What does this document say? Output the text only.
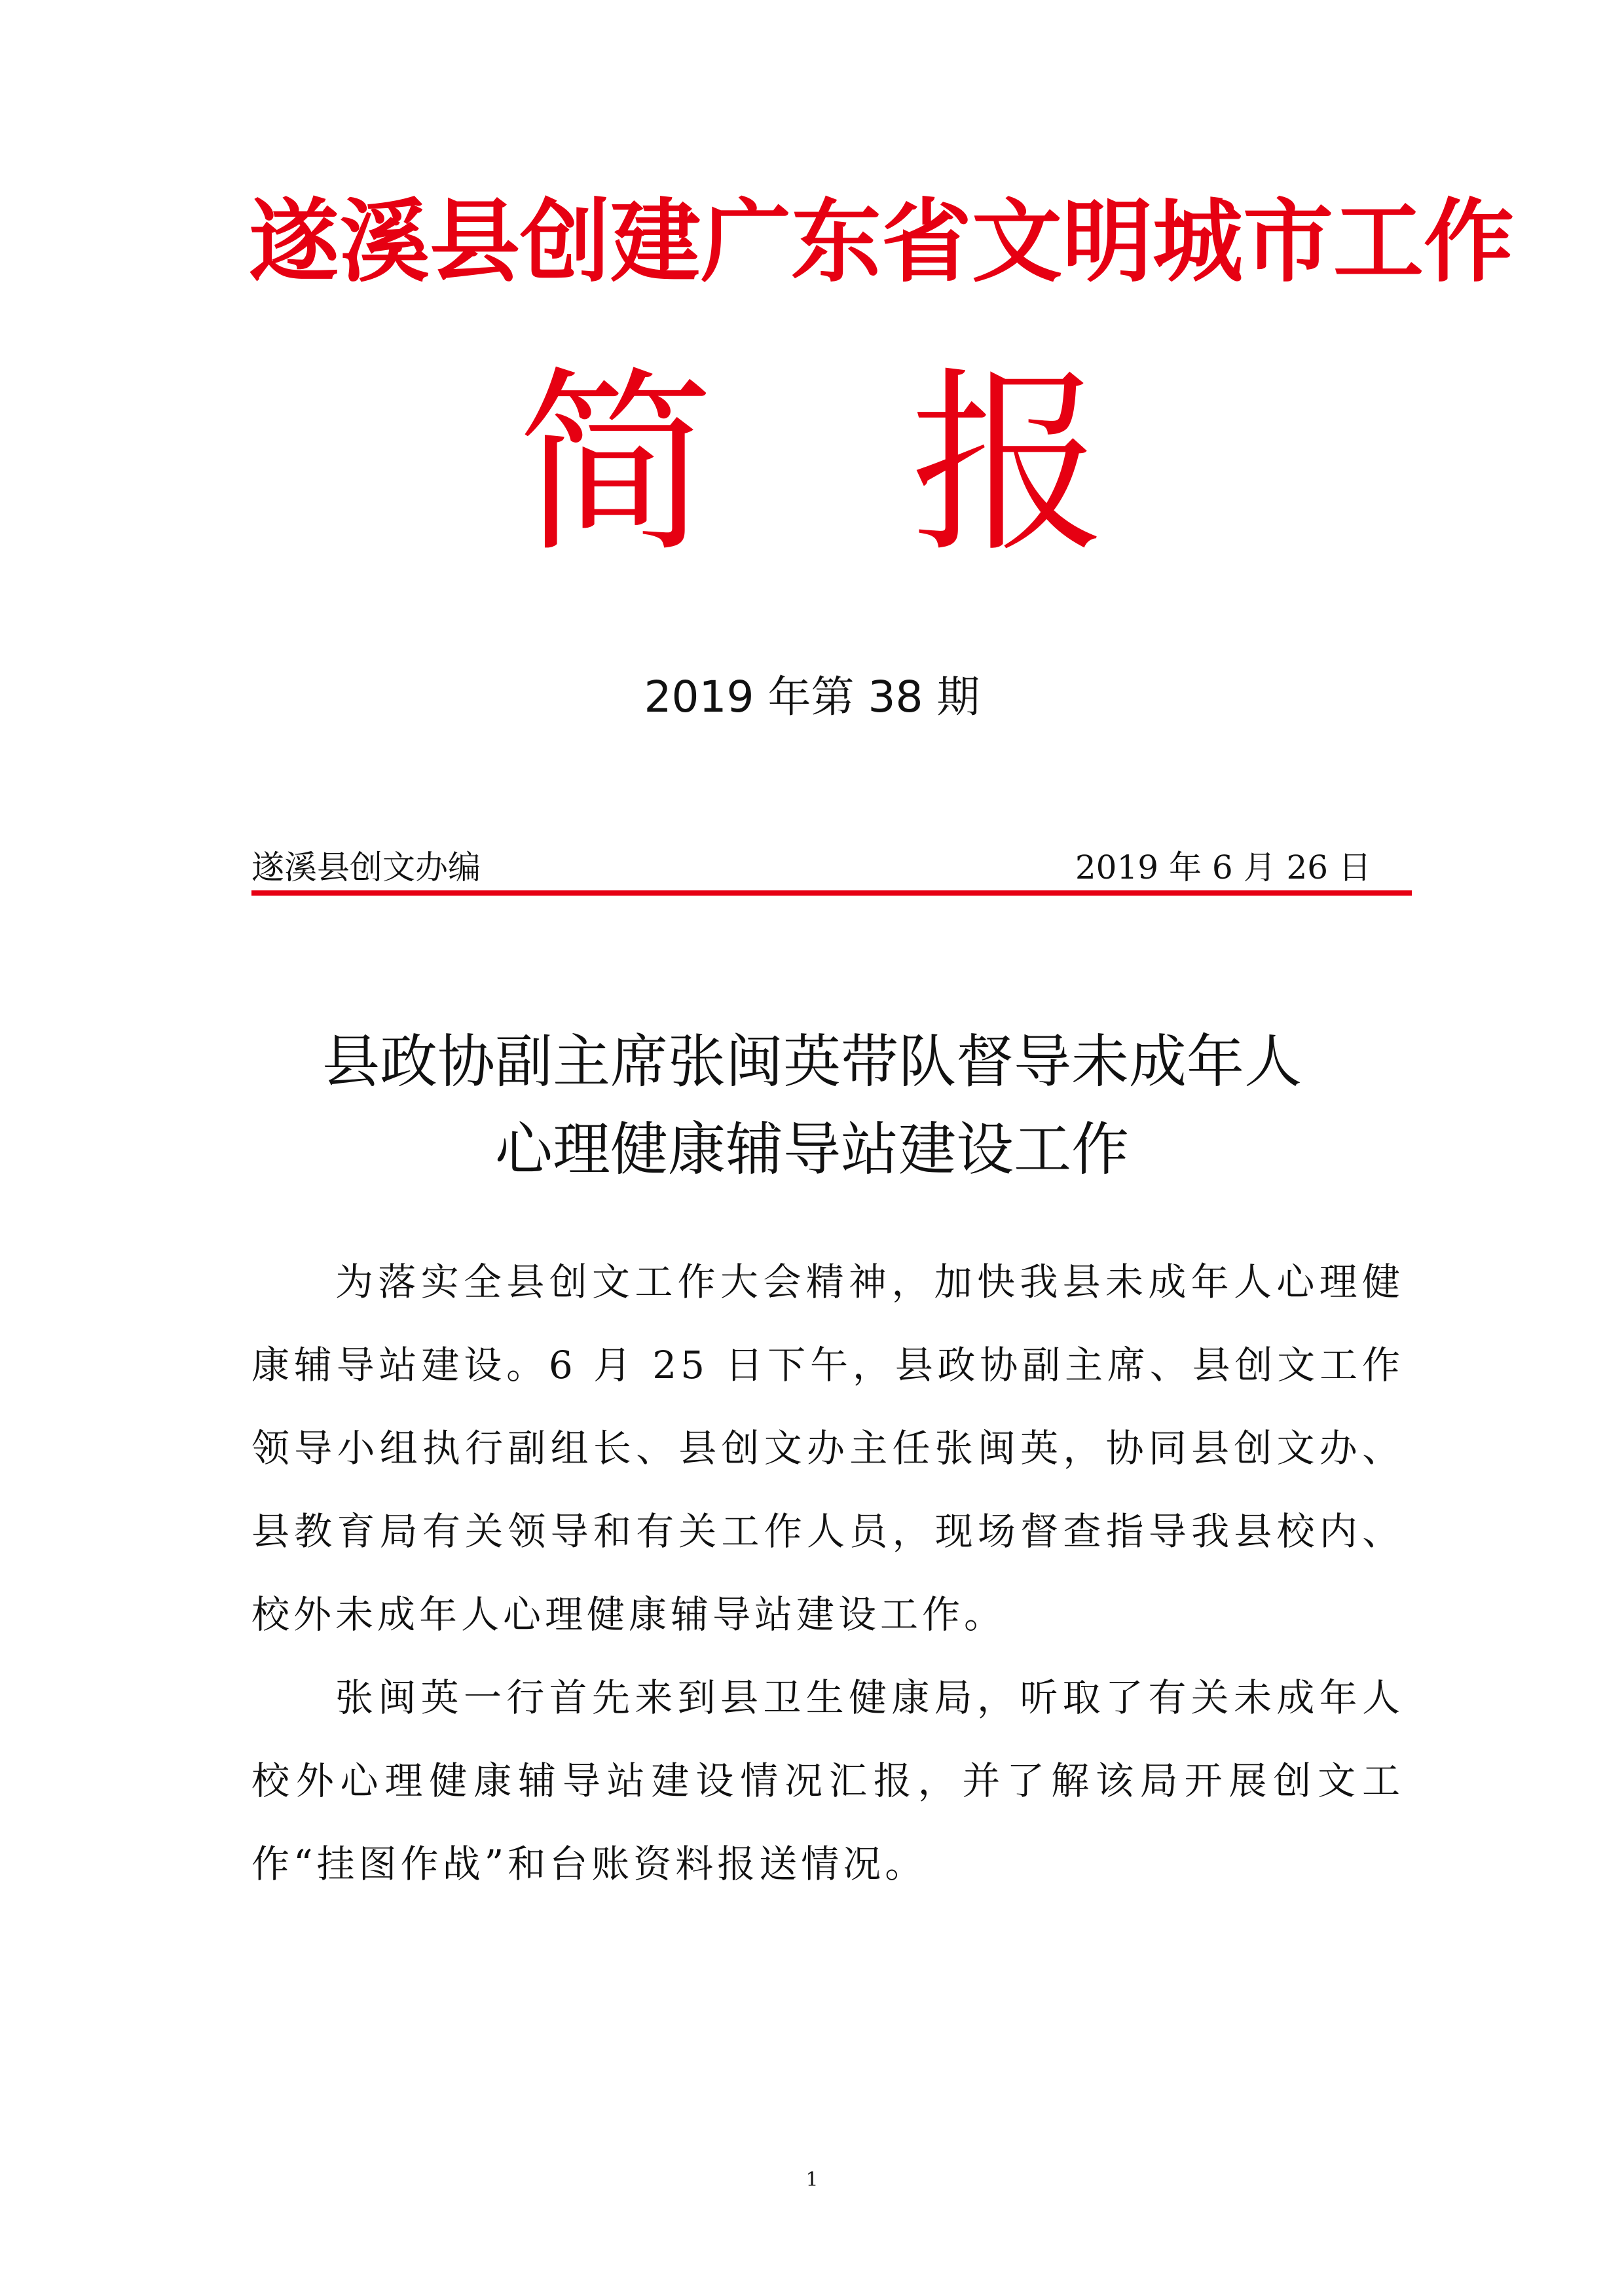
遂溪县创建广东省文明城市工作
简 报
2019 年第 38 期
遂溪县创文办编	2019 年 6 月 26 日
县政协副主席张闽英带队督导未成年人
心理健康辅导站建设工作

为落实全县创文工作大会精神，加快我县未成年人心理健康辅导站建设。6 月 25 日下午，县政协副主席、县创文工作领导小组执行副组长、县创文办主任张闽英，协同县创文办、县教育局有关领导和有关工作人员，现场督查指导我县校内、校外未成年人心理健康辅导站建设工作。

张闽英一行首先来到县卫生健康局，听取了有关未成年人校外心理健康辅导站建设情况汇报，并了解该局开展创文工作“挂图作战”和台账资料报送情况。

1
